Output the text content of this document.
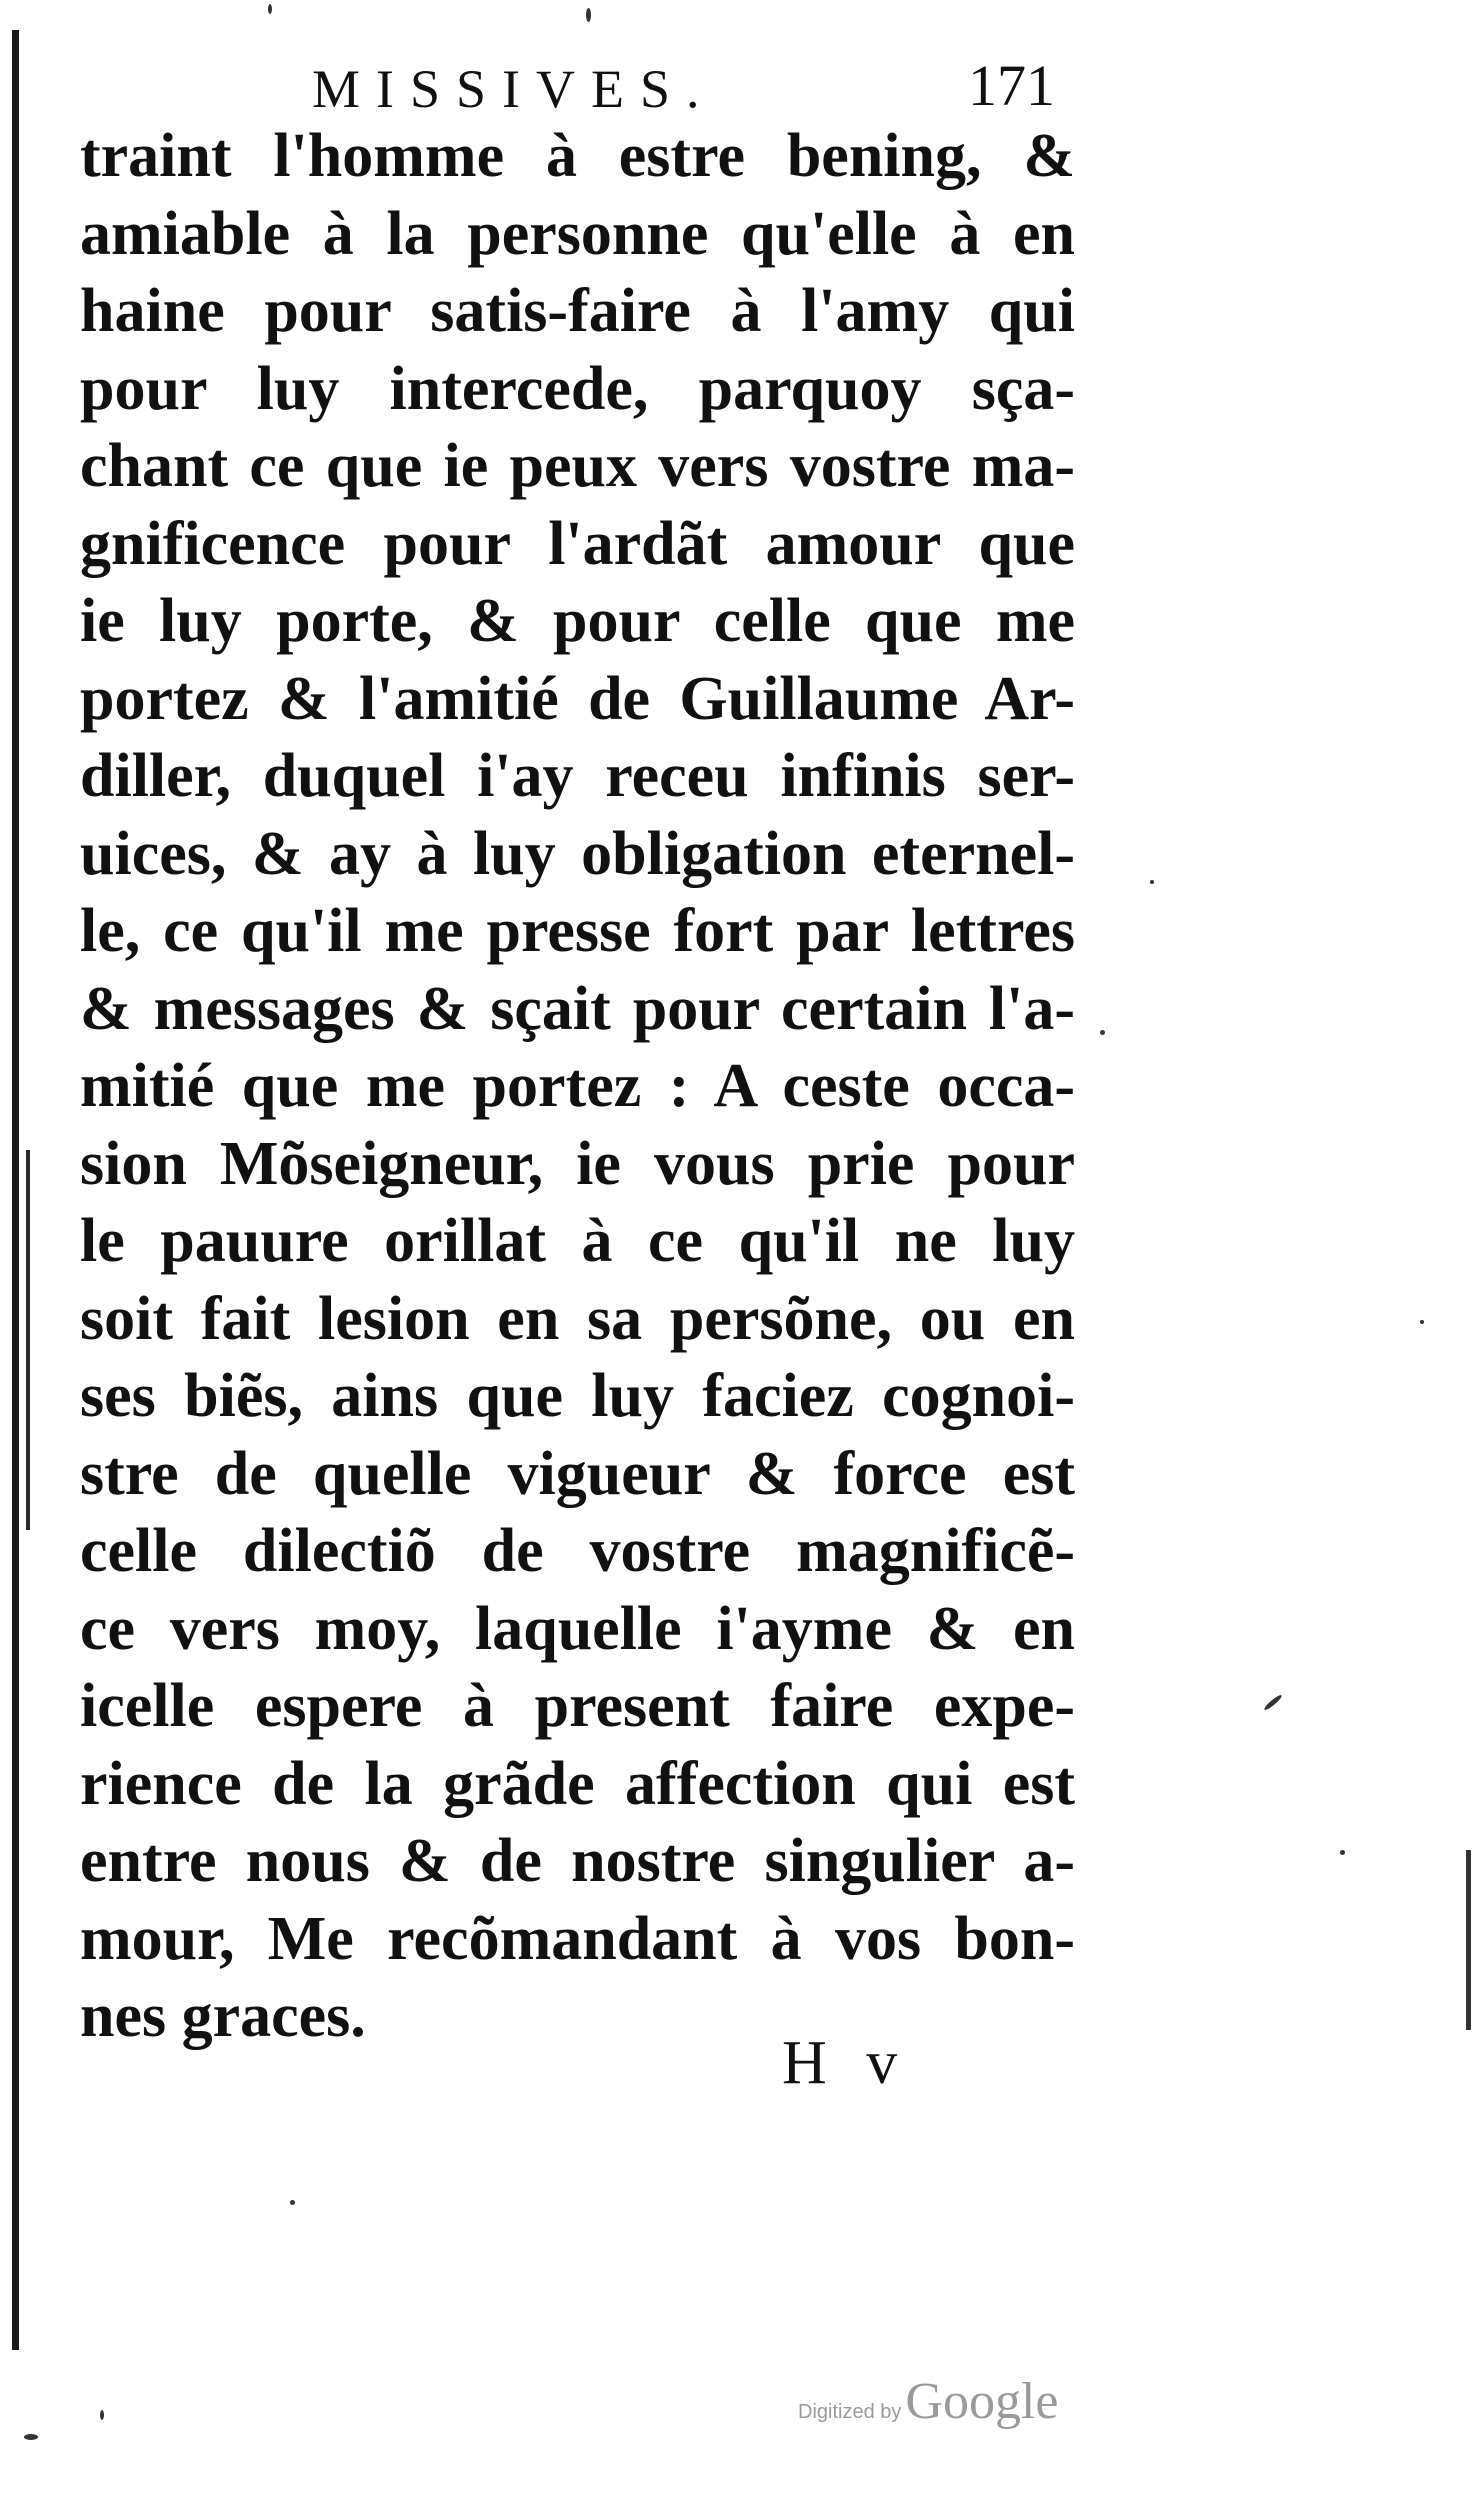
MISSIVES.	171
traint l'homme à estre bening, &
amiable à la personne qu'elle à en
haine pour satis-faire à l'amy qui
pour luy intercede, parquoy sça-
chant ce que ie peux vers vostre ma-
gnificence pour l'ardãt amour que
ie luy porte, & pour celle que me
portez & l'amitié de Guillaume Ar-
diller, duquel i'ay receu infinis ser-
uices, & ay à luy obligation eternel-
le, ce qu'il me presse fort par lettres
& messages & sçait pour certain l'a-
mitié que me portez : A ceste occa-
sion Mõseigneur, ie vous prie pour
le pauure orillat à ce qu'il ne luy
soit fait lesion en sa persõne, ou en
ses biẽs, ains que luy faciez cognoi-
stre de quelle vigueur & force est
celle dilectiõ de vostre magnificẽ-
ce vers moy, laquelle i'ayme & en
icelle espere à present faire expe-
rience de la grãde affection qui est
entre nous & de nostre singulier a-
mour, Me recõmandant à vos bon-
nes graces.
H v
Digitized by Google
